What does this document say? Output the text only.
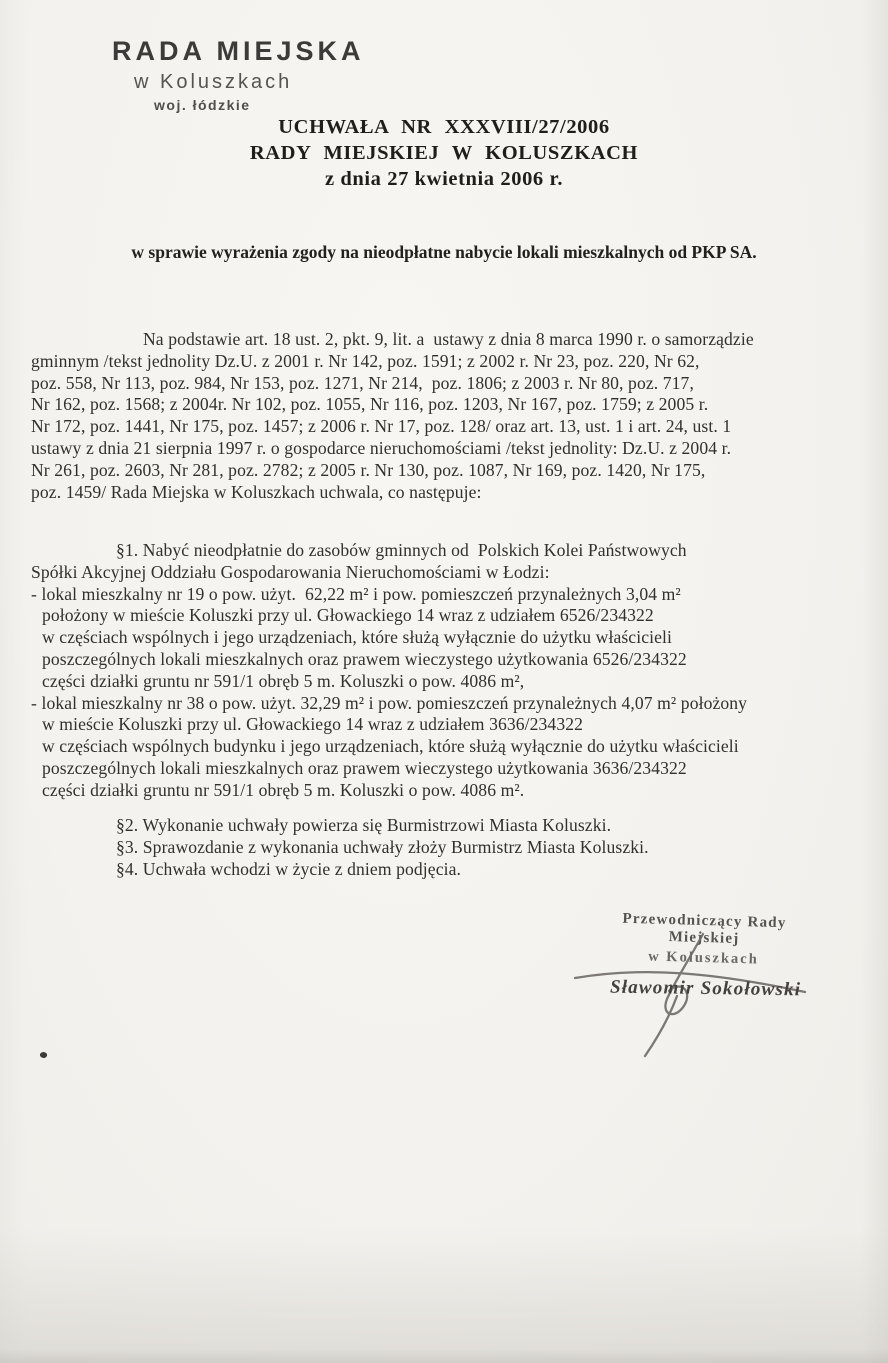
RADA MIEJSKA
w Koluszkach
woj. łódzkie
UCHWAŁA NR XXXVIII/27/2006
RADY MIEJSKIEJ W KOLUSZKACH
z dnia 27 kwietnia 2006 r.
w sprawie wyrażenia zgody na nieodpłatne nabycie lokali mieszkalnych od PKP SA.
Na podstawie art. 18 ust. 2, pkt. 9, lit. a  ustawy z dnia 8 marca 1990 r. o samorządzie
gminnym /tekst jednolity Dz.U. z 2001 r. Nr 142, poz. 1591; z 2002 r. Nr 23, poz. 220, Nr 62,
poz. 558, Nr 113, poz. 984, Nr 153, poz. 1271, Nr 214,  poz. 1806; z 2003 r. Nr 80, poz. 717,
Nr 162, poz. 1568; z 2004r. Nr 102, poz. 1055, Nr 116, poz. 1203, Nr 167, poz. 1759; z 2005 r.
Nr 172, poz. 1441, Nr 175, poz. 1457; z 2006 r. Nr 17, poz. 128/ oraz art. 13, ust. 1 i art. 24, ust. 1
ustawy z dnia 21 sierpnia 1997 r. o gospodarce nieruchomościami /tekst jednolity: Dz.U. z 2004 r.
Nr 261, poz. 2603, Nr 281, poz. 2782; z 2005 r. Nr 130, poz. 1087, Nr 169, poz. 1420, Nr 175,
poz. 1459/ Rada Miejska w Koluszkach uchwala, co następuje:
§1. Nabyć nieodpłatnie do zasobów gminnych od  Polskich Kolei Państwowych
Spółki Akcyjnej Oddziału Gospodarowania Nieruchomościami w Łodzi:
- lokal mieszkalny nr 19 o pow. użyt.  62,22 m² i pow. pomieszczeń przynależnych 3,04 m²
położony w mieście Koluszki przy ul. Głowackiego 14 wraz z udziałem 6526/234322
w częściach wspólnych i jego urządzeniach, które służą wyłącznie do użytku właścicieli
poszczególnych lokali mieszkalnych oraz prawem wieczystego użytkowania 6526/234322
części działki gruntu nr 591/1 obręb 5 m. Koluszki o pow. 4086 m²,
- lokal mieszkalny nr 38 o pow. użyt. 32,29 m² i pow. pomieszczeń przynależnych 4,07 m² położony
w mieście Koluszki przy ul. Głowackiego 14 wraz z udziałem 3636/234322
w częściach wspólnych budynku i jego urządzeniach, które służą wyłącznie do użytku właścicieli
poszczególnych lokali mieszkalnych oraz prawem wieczystego użytkowania 3636/234322
części działki gruntu nr 591/1 obręb 5 m. Koluszki o pow. 4086 m².
§2. Wykonanie uchwały powierza się Burmistrzowi Miasta Koluszki.
§3. Sprawozdanie z wykonania uchwały złoży Burmistrz Miasta Koluszki.
§4. Uchwała wchodzi w życie z dniem podjęcia.
Przewodniczący Rady Miejskiej
w Koluszkach
Sławomir Sokołowski
